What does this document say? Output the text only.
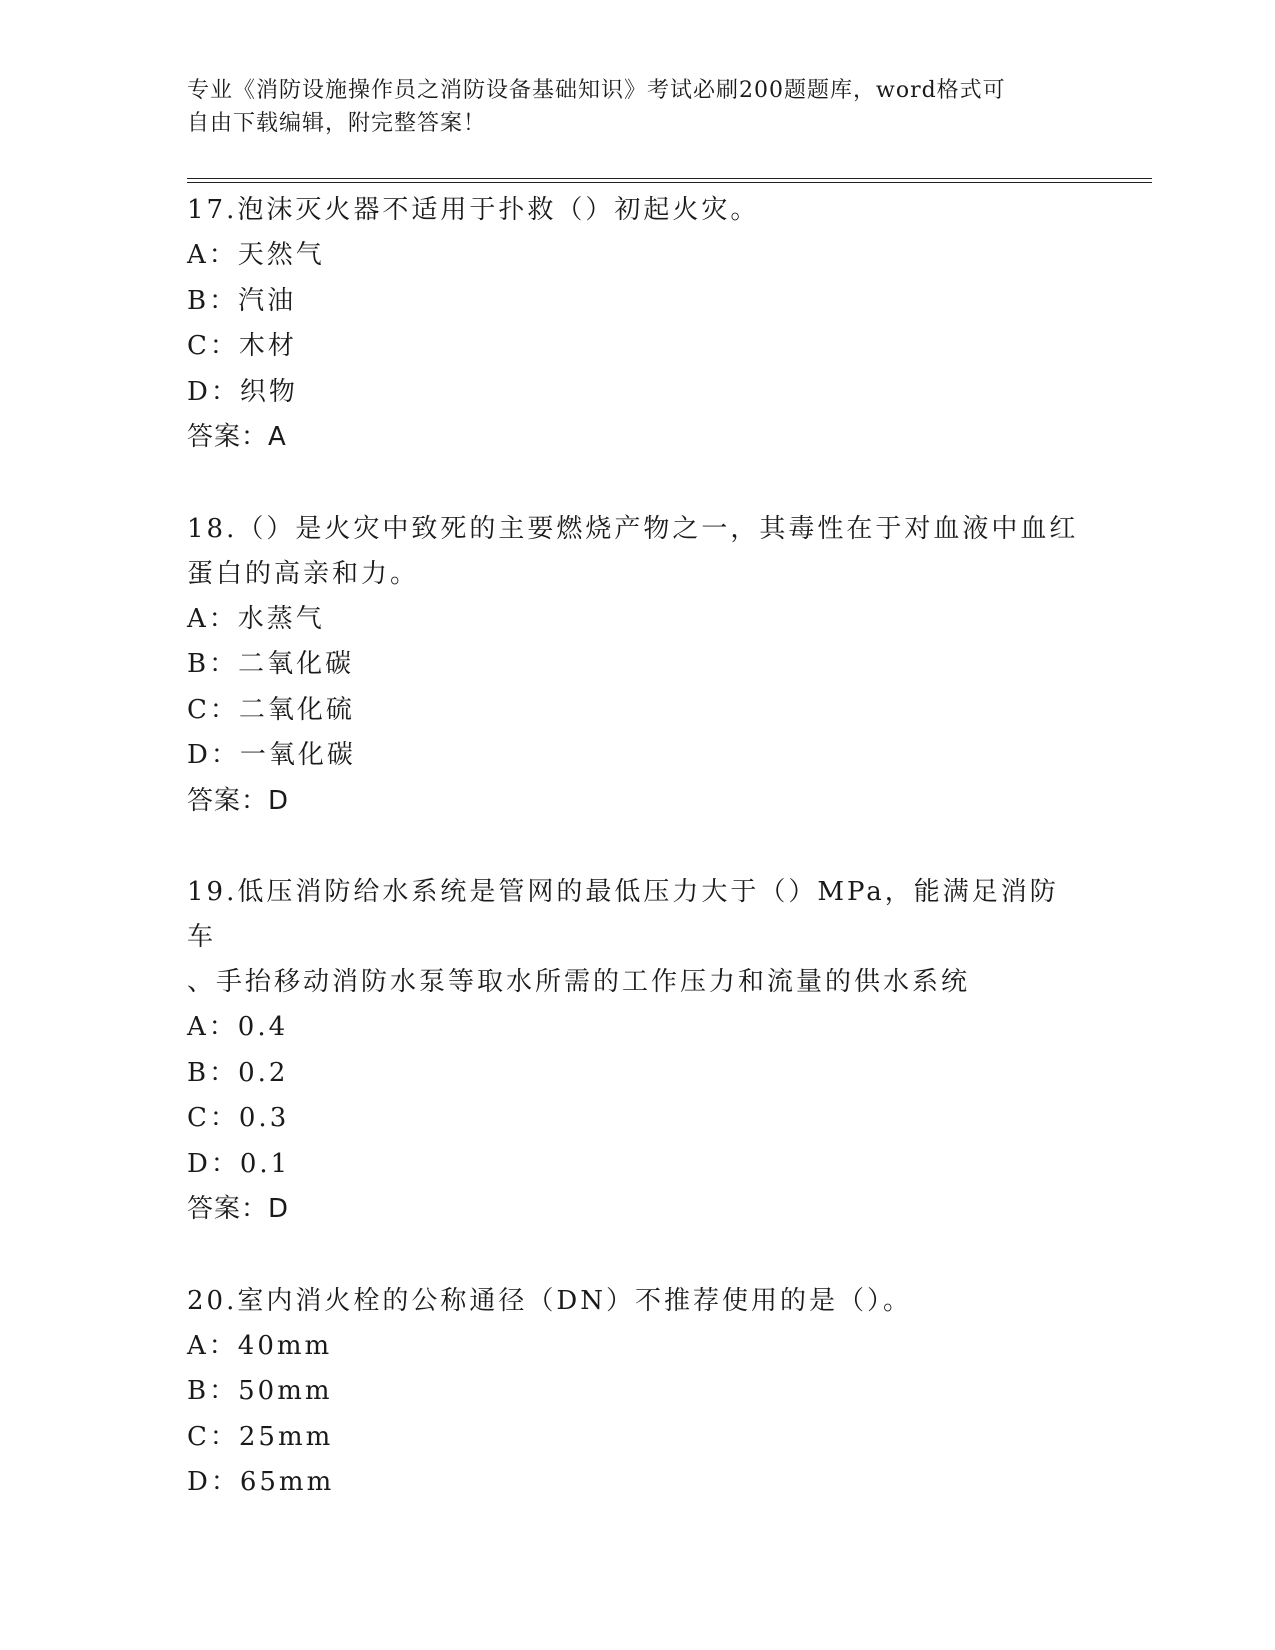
专业《消防设施操作员之消防设备基础知识》考试必刷200题题库，word格式可
自由下载编辑，附完整答案！
17.泡沫灭火器不适用于扑救（）初起火灾。
A：天然气
B：汽油
C：木材
D：织物
答案：A
18.（）是火灾中致死的主要燃烧产物之一，其毒性在于对血液中血红
蛋白的高亲和力。
A：水蒸气
B：二氧化碳
C：二氧化硫
D：一氧化碳
答案：D
19.低压消防给水系统是管网的最低压力大于（）MPa，能满足消防车
、手抬移动消防水泵等取水所需的工作压力和流量的供水系统
A：0.4
B：0.2
C：0.3
D：0.1
答案：D
20.室内消火栓的公称通径（DN）不推荐使用的是（）。
A：40mm
B：50mm
C：25mm
D：65mm
